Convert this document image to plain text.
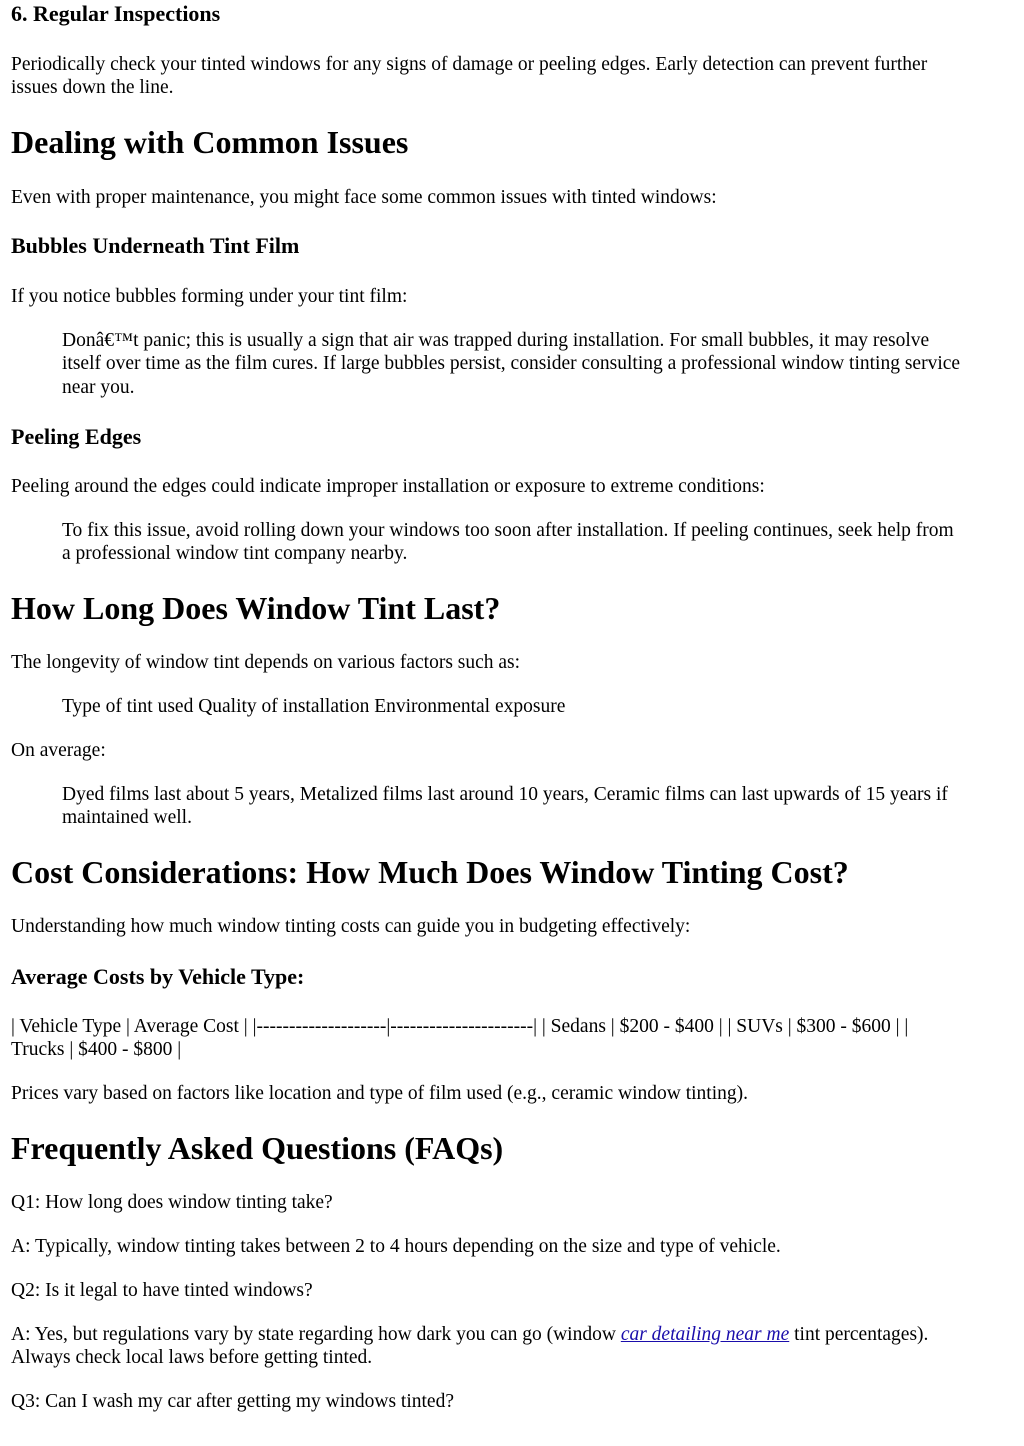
6. Regular Inspections
Periodically check your tinted windows for any signs of damage or peeling edges. Early detection can prevent further
issues down the line.
Dealing with Common Issues
Even with proper maintenance, you might face some common issues with tinted windows:
Bubbles Underneath Tint Film
If you notice bubbles forming under your tint film:
Donâ€™t panic; this is usually a sign that air was trapped during installation. For small bubbles, it may resolve
itself over time as the film cures. If large bubbles persist, consider consulting a professional window tinting service
near you.
Peeling Edges
Peeling around the edges could indicate improper installation or exposure to extreme conditions:
To fix this issue, avoid rolling down your windows too soon after installation. If peeling continues, seek help from
a professional window tint company nearby.
How Long Does Window Tint Last?
The longevity of window tint depends on various factors such as:
Type of tint used Quality of installation Environmental exposure
On average:
Dyed films last about 5 years, Metalized films last around 10 years, Ceramic films can last upwards of 15 years if
maintained well.
Cost Considerations: How Much Does Window Tinting Cost?
Understanding how much window tinting costs can guide you in budgeting effectively:
Average Costs by Vehicle Type:
| Vehicle Type | Average Cost | |--------------------|----------------------| | Sedans | $200 - $400 | | SUVs | $300 - $600 | |
Trucks | $400 - $800 |
Prices vary based on factors like location and type of film used (e.g., ceramic window tinting).
Frequently Asked Questions (FAQs)
Q1: How long does window tinting take?
A: Typically, window tinting takes between 2 to 4 hours depending on the size and type of vehicle.
Q2: Is it legal to have tinted windows?
A: Yes, but regulations vary by state regarding how dark you can go (window car detailing near me tint percentages).
Always check local laws before getting tinted.
Q3: Can I wash my car after getting my windows tinted?
